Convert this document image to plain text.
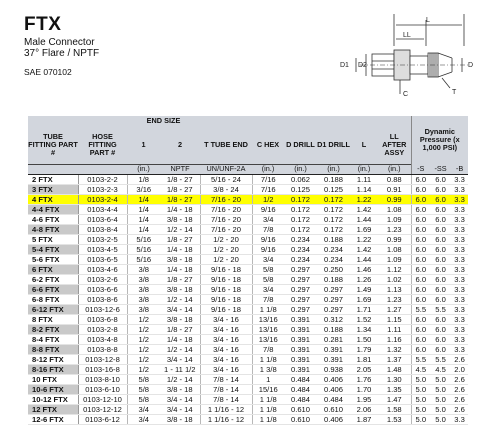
FTX
Male Connector
37° Flare / NPTF
SAE 070102
L
LL
D1 D2	D
T
C
		END SIZE								Dynamic Pressure (x 1,000 PSI)		
TUBE FITTING PART #	HOSE FITTING PART #	1	2	T TUBE END	C HEX	D DRILL	D1 DRILL	L	LL AFTER ASSY			
		(in.)	NPTF	UN/UNF-2A	(in.)	(in.)	(in.)	(in.)	(in.)	-S	-SS	-B
2 FTX	0103-2-2	1/8	1/8 - 27	5/16 - 24	7/16	0.062	0.188	1.11	0.88	6.0	6.0	3.3
3 FTX	0103-2-3	3/16	1/8 - 27	3/8 - 24	7/16	0.125	0.125	1.14	0.91	6.0	6.0	3.3
4 FTX	0103-2-4	1/4	1/8 - 27	7/16 - 20	1/2	0.172	0.172	1.22	0.99	6.0	6.0	3.3
4-4 FTX	0103-4-4	1/4	1/4 - 18	7/16 - 20	9/16	0.172	0.172	1.42	1.08	6.0	6.0	3.3
4-6 FTX	0103-6-4	1/4	3/8 - 18	7/16 - 20	3/4	0.172	0.172	1.44	1.09	6.0	6.0	3.3
4-8 FTX	0103-8-4	1/4	1/2 - 14	7/16 - 20	7/8	0.172	0.172	1.69	1.23	6.0	6.0	3.3
5 FTX	0103-2-5	5/16	1/8 - 27	1/2 - 20	9/16	0.234	0.188	1.22	0.99	6.0	6.0	3.3
5-4 FTX	0103-4-5	5/16	1/4 - 18	1/2 - 20	9/16	0.234	0.234	1.42	1.08	6.0	6.0	3.3
5-6 FTX	0103-6-5	5/16	3/8 - 18	1/2 - 20	3/4	0.234	0.234	1.44	1.09	6.0	6.0	3.3
6 FTX	0103-4-6	3/8	1/4 - 18	9/16 - 18	5/8	0.297	0.250	1.46	1.12	6.0	6.0	3.3
6-2 FTX	0103-2-6	3/8	1/8 - 27	9/16 - 18	5/8	0.297	0.188	1.26	1.02	6.0	6.0	3.3
6-6 FTX	0103-6-6	3/8	3/8 - 18	9/16 - 18	3/4	0.297	0.297	1.49	1.13	6.0	6.0	3.3
6-8 FTX	0103-8-6	3/8	1/2 - 14	9/16 - 18	7/8	0.297	0.297	1.69	1.23	6.0	6.0	3.3
6-12 FTX	0103-12-6	3/8	3/4 - 14	9/16 - 18	1 1/8	0.297	0.297	1.71	1.27	5.5	5.5	3.3
8 FTX	0103-6-8	1/2	3/8 - 18	3/4 - 16	13/16	0.391	0.312	1.52	1.15	6.0	6.0	3.3
8-2 FTX	0103-2-8	1/2	1/8 - 27	3/4 - 16	13/16	0.391	0.188	1.34	1.11	6.0	6.0	3.3
8-4 FTX	0103-4-8	1/2	1/4 - 18	3/4 - 16	13/16	0.391	0.281	1.50	1.16	6.0	6.0	3.3
8-8 FTX	0103-8-8	1/2	1/2 - 14	3/4 - 16	7/8	0.391	0.391	1.79	1.32	6.0	6.0	3.3
8-12 FTX	0103-12-8	1/2	3/4 - 14	3/4 - 16	1 1/8	0.391	0.391	1.81	1.37	5.5	5.5	2.6
8-16 FTX	0103-16-8	1/2	1 - 11 1/2	3/4 - 16	1 3/8	0.391	0.938	2.05	1.48	4.5	4.5	2.0
10 FTX	0103-8-10	5/8	1/2 - 14	7/8 - 14	1	0.484	0.406	1.76	1.30	5.0	5.0	2.6
10-6 FTX	0103-6-10	5/8	3/8 - 18	7/8 - 14	15/16	0.484	0.406	1.70	1.35	5.0	5.0	2.6
10-12 FTX	0103-12-10	5/8	3/4 - 14	7/8 - 14	1 1/8	0.484	0.484	1.95	1.47	5.0	5.0	2.6
12 FTX	0103-12-12	3/4	3/4 - 14	1 1/16 - 12	1 1/8	0.610	0.610	2.06	1.58	5.0	5.0	2.6
12-6 FTX	0103-6-12	3/4	3/8 - 18	1 1/16 - 12	1 1/8	0.610	0.406	1.87	1.53	5.0	5.0	3.3
